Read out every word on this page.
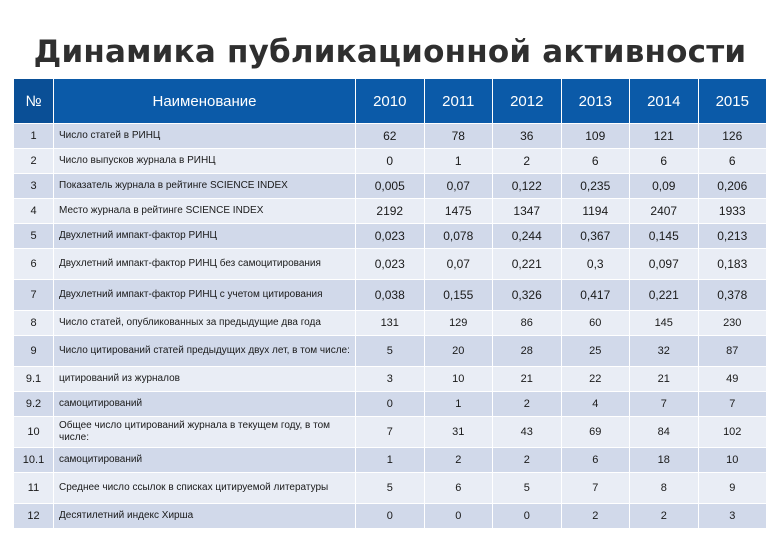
Динамика публикационной активности
№	Наименование	2010	2011	2012	2013	2014	2015
1	Число статей в РИНЦ	62	78	36	109	121	126
2	Число выпусков журнала в РИНЦ	0	1	2	6	6	6
3	Показатель журнала в рейтинге SCIENCE INDEX	0,005	0,07	0,122	0,235	0,09	0,206
4	Место журнала в рейтинге SCIENCE INDEX	2192	1475	1347	1194	2407	1933
5	Двухлетний импакт-фактор РИНЦ	0,023	0,078	0,244	0,367	0,145	0,213
6	Двухлетний импакт-фактор РИНЦ без самоцитирования	0,023	0,07	0,221	0,3	0,097	0,183
7	Двухлетний импакт-фактор РИНЦ с учетом цитирования	0,038	0,155	0,326	0,417	0,221	0,378
8	Число статей, опубликованных за предыдущие два года	131	129	86	60	145	230
9	Число цитирований статей предыдущих двух лет, в том числе:	5	20	28	25	32	87
9.1	цитирований из журналов	3	10	21	22	21	49
9.2	самоцитирований	0	1	2	4	7	7
10	Общее число цитирований журнала в текущем году, в том числе:	7	31	43	69	84	102
10.1	самоцитирований	1	2	2	6	18	10
11	Среднее число ссылок в списках цитируемой литературы	5	6	5	7	8	9
12	Десятилетний индекс Хирша	0	0	0	2	2	3
